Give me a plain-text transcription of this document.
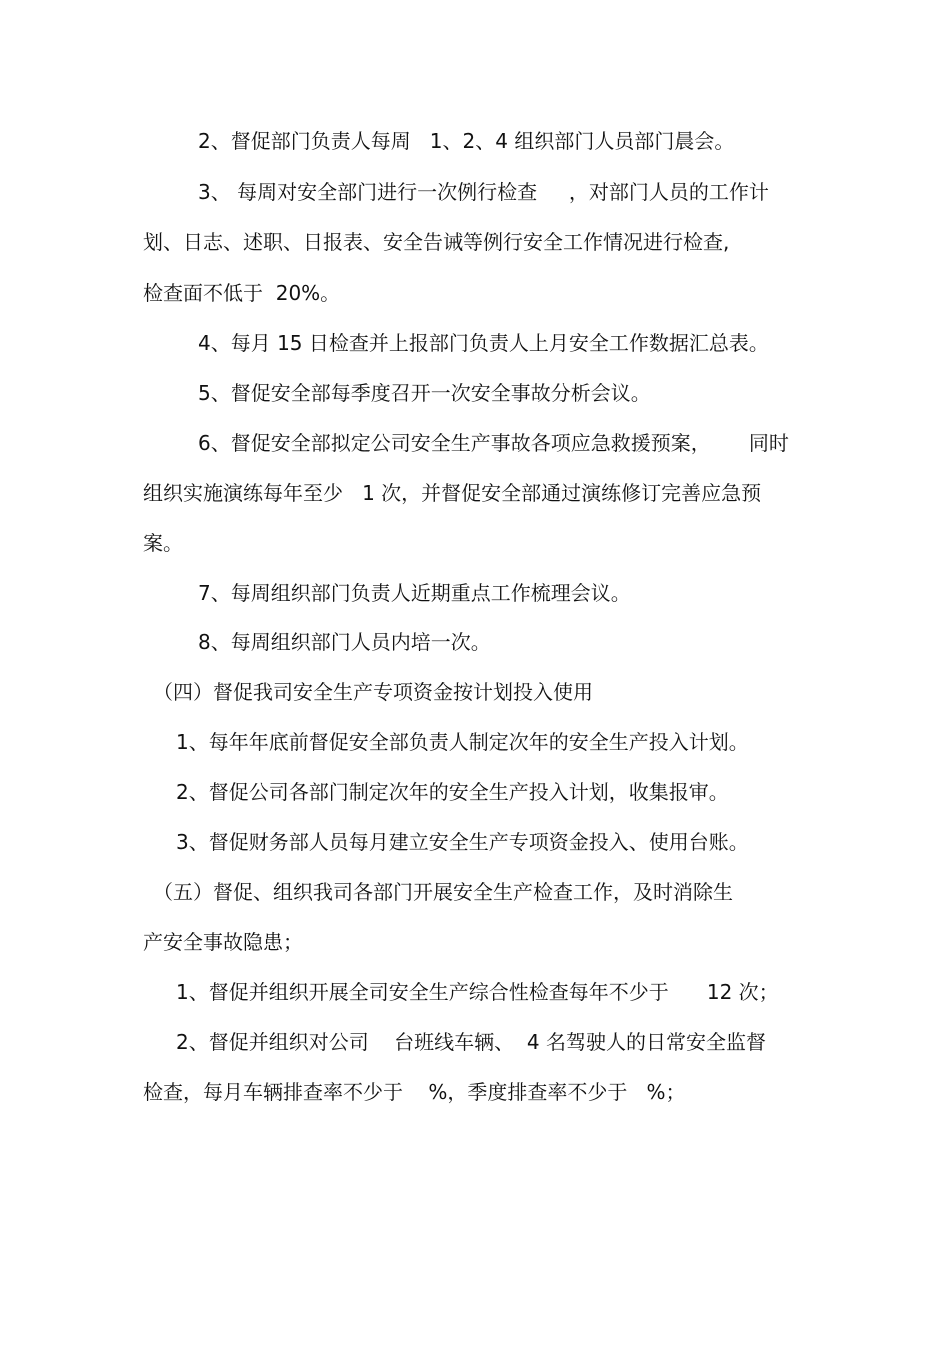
2、督促部门负责人每周   1、2、4 组织部门人员部门晨会。

3、 每周对安全部门进行一次例行检查     ，对部门人员的工作计

划、日志、述职、日报表、安全告诫等例行安全工作情况进行检查,

检查面不低于  20%。

4、每月 15 日检查并上报部门负责人上月安全工作数据汇总表。

5、督促安全部每季度召开一次安全事故分析会议。

6、督促安全部拟定公司安全生产事故各项应急救援预案，      同时

组织实施演练每年至少   1 次，并督促安全部通过演练修订完善应急预

案。

7、每周组织部门负责人近期重点工作梳理会议。

8、每周组织部门人员内培一次。

（四）督促我司安全生产专项资金按计划投入使用

1、每年年底前督促安全部负责人制定次年的安全生产投入计划。

2、督促公司各部门制定次年的安全生产投入计划，收集报审。

3、督促财务部人员每月建立安全生产专项资金投入、使用台账。

（五）督促、组织我司各部门开展安全生产检查工作，及时消除生

产安全事故隐患；

1、督促并组织开展全司安全生产综合性检查每年不少于      12 次；

2、督促并组织对公司    台班线车辆、  4 名驾驶人的日常安全监督

检查，每月车辆排查率不少于    %，季度排查率不少于   %；
